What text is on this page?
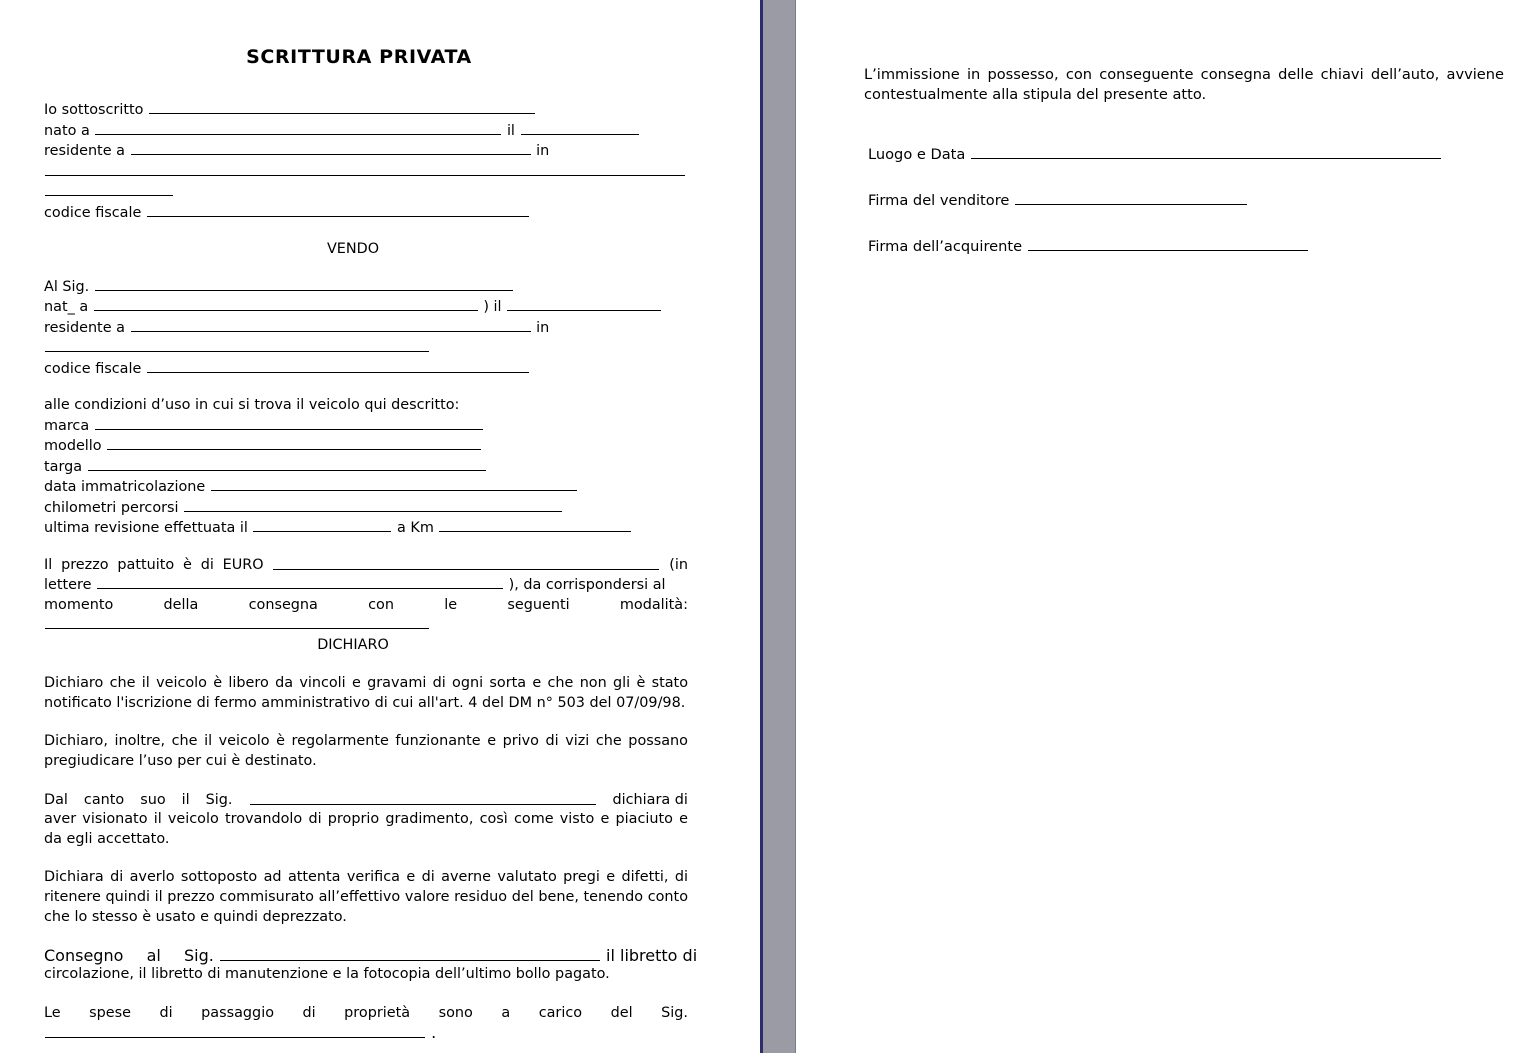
SCRITTURA PRIVATA
Io sottoscritto
nato a	il
residente a	in
codice fiscale
VENDO
Al Sig.
nat_ a	) il
residente a	in
codice fiscale
alle condizioni d’uso in cui si trova il veicolo qui descritto:
marca
modello
targa
data immatricolazione
chilometri percorsi
ultima revisione effettuata il	a Km
Il prezzo pattuito è di EURO	(in
lettere	), da corrispondersi al
momento	della	consegna	con	le	seguenti	modalità:
DICHIARO

Dichiaro che il veicolo è libero da vincoli e gravami di ogni sorta e che non gli è stato notificato l'iscrizione di fermo amministrativo di cui all'art. 4 del DM n° 503 del 07/09/98.

Dichiaro, inoltre, che il veicolo è regolarmente funzionante e privo di vizi che possano pregiudicare l’uso per cui è destinato.

Dal canto suo il Sig.	dichiara di

aver visionato il veicolo trovandolo di proprio gradimento, così come visto e piaciuto e da egli accettato.

Dichiara di averlo sottoposto ad attenta verifica e di averne valutato pregi e difetti, di ritenere quindi il prezzo commisurato all’effettivo valore residuo del bene, tenendo conto che lo stesso è usato e quindi deprezzato.

Consegno al Sig.	il libretto di

circolazione, il libretto di manutenzione e la fotocopia dell’ultimo bollo pagato.

Le spese di passaggio di proprietà sono a carico del Sig.
.

L’immissione in possesso, con conseguente consegna delle chiavi dell’auto, avviene contestualmente alla stipula del presente atto.

Luogo e Data
Firma del venditore
Firma dell’acquirente
